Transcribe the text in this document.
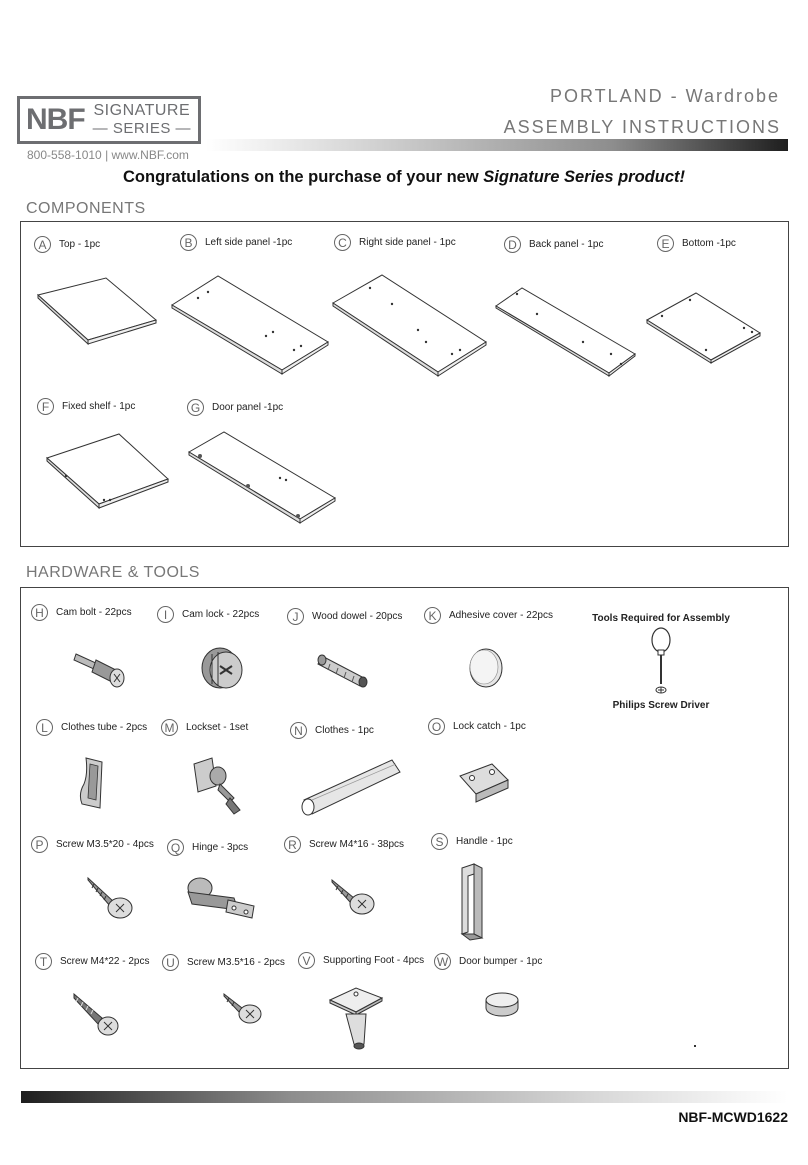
NBF SIGNATURE
— SERIES —
800-558-1010 | www.NBF.com
PORTLAND - Wardrobe
ASSEMBLY INSTRUCTIONS
Congratulations on the purchase of your new Signature Series product!
COMPONENTS
A	Top - 1pc	B	Left side panel -1pc	C	Right side panel - 1pc	D	Back panel - 1pc	E	Bottom -1pc
F	Fixed shelf - 1pc	G	Door panel -1pc
HARDWARE & TOOLS
H	Cam bolt - 22pcs	I	Cam lock - 22pcs	J	Wood dowel - 20pcs	K	Adhesive cover - 22pcs
L	Clothes tube - 2pcs M	Lockset - 1set	N	Clothes - 1pc	O	Lock catch - 1pc
P	Screw M3.5*20 - 4pcs	Q	Hinge - 3pcs	R	Screw M4*16 - 38pcs	S	Handle - 1pc
T	Screw M4*22 - 2pcs	U	Screw M3.5*16 - 2pcs	V	Supporting Foot - 4pcs W Door bumper - 1pc
Tools Required for Assembly
Philips Screw Driver
NBF-MCWD1622
